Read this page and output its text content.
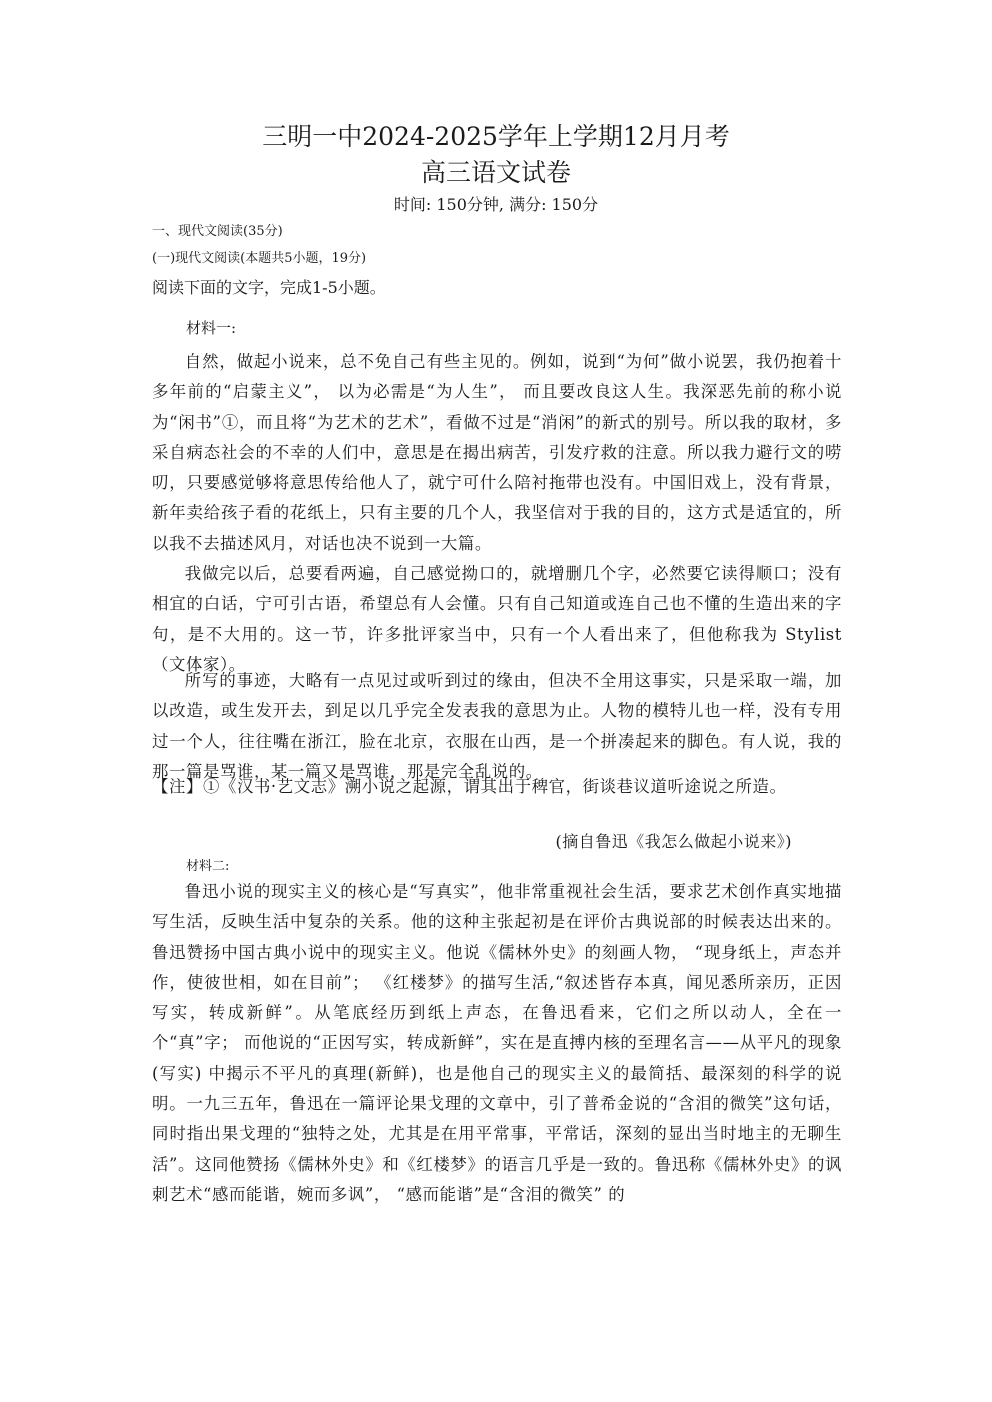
三明一中2024-2025学年上学期12月月考
高三语文试卷
时间: 150分钟, 满分: 150分
一、现代文阅读(35分)
(一)现代文阅读(本题共5小题，19分)
阅读下面的文字，完成1-5小题。
材料一:
自然，做起小说来，总不免自己有些主见的。例如，说到“为何”做小说罢，我仍抱着十多年前的“启蒙主义”， 以为必需是“为人生”， 而且要改良这人生。我深恶先前的称小说为“闲书”①，而且将“为艺术的艺术”，看做不过是“消闲”的新式的别号。所以我的取材，多采自病态社会的不幸的人们中，意思是在揭出病苦，引发疗救的注意。所以我力避行文的唠叨，只要感觉够将意思传给他人了，就宁可什么陪衬拖带也没有。中国旧戏上，没有背景，新年卖给孩子看的花纸上，只有主要的几个人，我坚信对于我的目的，这方式是适宜的，所以我不去描述风月，对话也决不说到一大篇。
我做完以后，总要看两遍，自己感觉拗口的，就增删几个字，必然要它读得顺口；没有相宜的白话，宁可引古语，希望总有人会懂。只有自己知道或连自己也不懂的生造出来的字句，是不大用的。这一节，许多批评家当中，只有一个人看出来了，但他称我为 Stylist（文体家）。
所写的事迹，大略有一点见过或听到过的缘由，但决不全用这事实，只是采取一端，加以改造，或生发开去，到足以几乎完全发表我的意思为止。人物的模特儿也一样，没有专用过一个人，往往嘴在浙江，脸在北京，衣服在山西，是一个拼凑起来的脚色。有人说，我的那一篇是骂谁，某一篇又是骂谁，那是完全乱说的。
【注】①《汉书·艺文志》溯小说之起源，谓其出于稗官，街谈巷议道听途说之所造。
(摘自鲁迅《我怎么做起小说来》)
材料二:
鲁迅小说的现实主义的核心是“写真实”，他非常重视社会生活，要求艺术创作真实地描写生活，反映生活中复杂的关系。他的这种主张起初是在评价古典说部的时候表达出来的。鲁迅赞扬中国古典小说中的现实主义。他说《儒林外史》的刻画人物， “现身纸上，声态并作，使彼世相，如在目前”； 《红楼梦》的描写生活,“叙述皆存本真，闻见悉所亲历，正因写实，转成新鲜”。从笔底经历到纸上声态，在鲁迅看来，它们之所以动人，全在一个“真”字； 而他说的“正因写实，转成新鲜”，实在是直搏内核的至理名言——从平凡的现象(写实) 中揭示不平凡的真理(新鲜)，也是他自己的现实主义的最简括、最深刻的科学的说明。一九三五年，鲁迅在一篇评论果戈理的文章中，引了普希金说的“含泪的微笑”这句话，同时指出果戈理的“独特之处，尤其是在用平常事，平常话，深刻的显出当时地主的无聊生活”。这同他赞扬《儒林外史》和《红楼梦》的语言几乎是一致的。鲁迅称《儒林外史》的讽刺艺术“感而能谐，婉而多讽”， “感而能谐”是“含泪的微笑” 的
